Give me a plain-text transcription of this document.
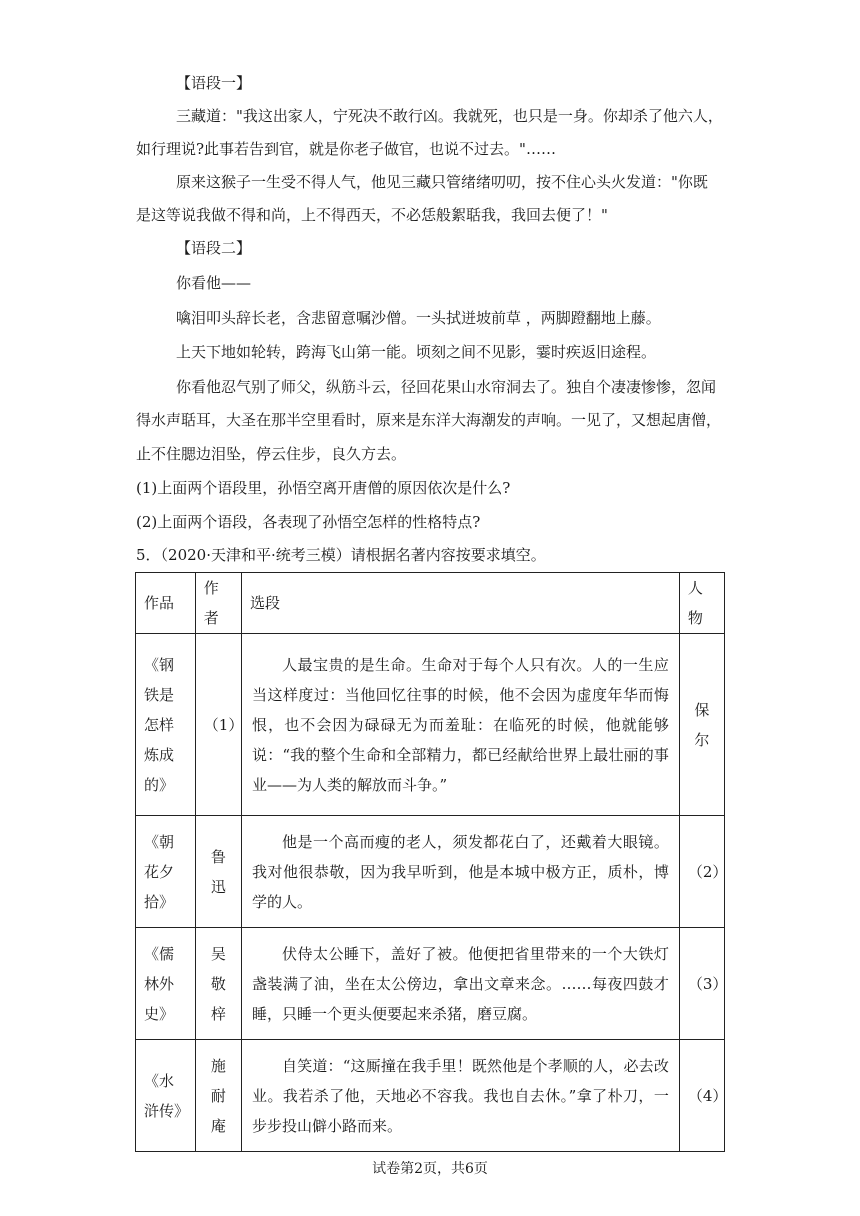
【语段一】
三藏道："我这出家人，宁死决不敢行凶。我就死，也只是一身。你却杀了他六人，
如行理说?此事若告到官，就是你老子做官，也说不过去。"……
原来这猴子一生受不得人气，他见三藏只管绪绪叨叨，按不住心头火发道："你既
是这等说我做不得和尚，上不得西天，不必恁般絮聒我，我回去便了！"
【语段二】
你看他——
噙泪叩头辞长老，含悲留意嘱沙僧。一头拭迸坡前草 ，两脚蹬翻地上藤。
上天下地如轮转，跨海飞山第一能。顷刻之间不见影，霎时疾返旧途程。
你看他忍气别了师父，纵筋斗云，径回花果山水帘洞去了。独自个凄凄惨惨，忽闻
得水声聒耳，大圣在那半空里看时，原来是东洋大海潮发的声响。一见了，又想起唐僧，
止不住腮边泪坠，停云住步，良久方去。
(1)上面两个语段里，孙悟空离开唐僧的原因依次是什么?
(2)上面两个语段，各表现了孙悟空怎样的性格特点?
5．（2020·天津和平·统考三模）请根据名著内容按要求填空。
作品	作者	选段	人物
《钢铁是怎样炼成的》	（1）	人最宝贵的是生命。生命对于每个人只有次。人的一生应当这样度过：当他回忆往事的时候，他不会因为虚度年华而悔恨，也不会因为碌碌无为而羞耻：在临死的时候，他就能够说：“我的整个生命和全部精力，都已经献给世界上最壮丽的事业——为人类的解放而斗争。”	保尔
《朝花夕拾》	鲁迅	他是一个高而瘦的老人，须发都花白了，还戴着大眼镜。我对他很恭敬，因为我早听到，他是本城中极方正，质朴，博学的人。	（2）
《儒林外史》	吴敬梓	伏侍太公睡下，盖好了被。他便把省里带来的一个大铁灯盏装满了油，坐在太公傍边，拿出文章来念。……每夜四鼓才睡，只睡一个更头便要起来杀猪，磨豆腐。	（3）
《水浒传》	施耐庵	自笑道：“这厮撞在我手里！既然他是个孝顺的人，必去改业。我若杀了他，天地必不容我。我也自去休。”拿了朴刀，一步步投山僻小路而来。	（4）
试卷第2页，共6页
